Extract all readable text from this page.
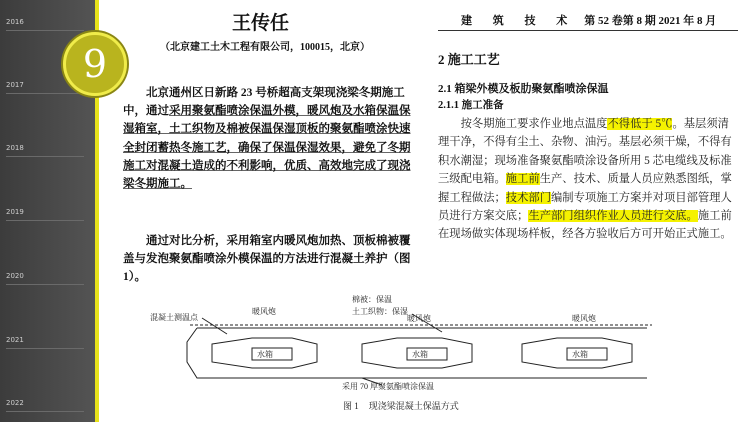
2016
2017
2018
2019
2020
2021
2022
9
王传任
（北京建工土木工程有限公司，100015，北京）
建 筑 技 术 第 52 卷第 8 期 2021 年 8 月

北京通州区日新路 23 号桥超高支架现浇梁冬期施工中，通过采用聚氨酯喷涂保温外模，暖风炮及水箱保温保湿箱室，土工织物及棉被保温保湿顶板的聚氨酯喷涂快速全封闭蓄热冬施工艺，确保了保温保湿效果，避免了冬期施工对混凝土造成的不利影响，优质、高效地完成了现浇梁冬期施工。

通过对比分析，采用箱室内暖风炮加热、顶板棉被覆盖与发泡聚氨酯喷涂外模保温的方法进行混凝土养护（图 1）。

2 施工工艺
2.1 箱梁外模及板肋聚氨酯喷涂保温
2.1.1 施工准备

按冬期施工要求作业地点温度不得低于 5℃。基层须清理干净，不得有尘土、杂物、油污。基层必须干燥，不得有积水潮湿；现场准备聚氨酯喷涂设备所用 5 芯电缆线及标准三级配电箱。施工前生产、技术、质量人员应熟悉图纸，掌握工程做法；技术部门编制专项施工方案并对项目部管理人员进行方案交底；生产部门组织作业人员进行交底。施工前在现场做实体现场样板，经各方验收后方可开始正式施工。

混凝土测温点
暖风炮
暖风炮	暖风炮
棉被：保温
土工织物：保湿
水箱	水箱	水箱
采用 70 厚聚氨酯喷涂保温
图 1 现浇梁混凝土保温方式
